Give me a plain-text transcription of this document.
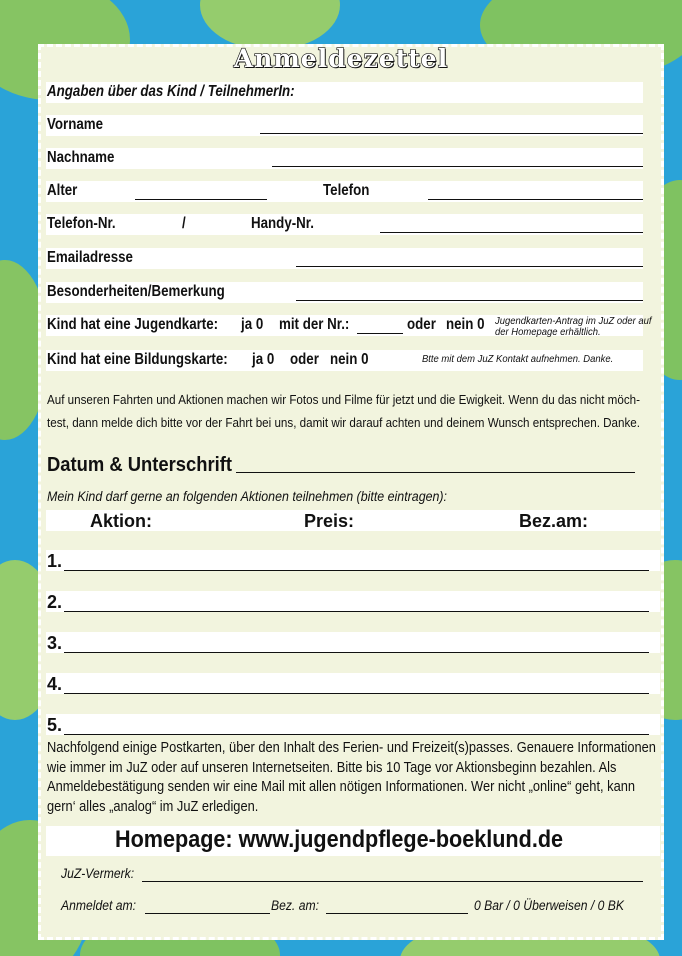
Anmeldezettel
Angaben über das Kind / TeilnehmerIn:
Vorname
Nachname
Alter	Telefon
Telefon-Nr.	/	Handy-Nr.
Emailadresse
Besonderheiten/Bemerkung
Kind hat eine Jugendkarte: ja 0 mit der Nr.:	oder nein 0 Jugendkarten-Antrag im JuZ oder auf der Homepage erhältlich.
Kind hat eine Bildungskarte: ja 0 oder nein 0	Btte mit dem JuZ Kontakt aufnehmen. Danke.
Auf unseren Fahrten und Aktionen machen wir Fotos und Filme für jetzt und die Ewigkeit. Wenn du das nicht möch-test, dann melde dich bitte vor der Fahrt bei uns, damit wir darauf achten und deinem Wunsch entsprechen. Danke.
Datum & Unterschrift
Mein Kind darf gerne an folgenden Aktionen teilnehmen (bitte eintragen):
Aktion:	Preis:	Bez.am:
1.
2.
3.
4.
5.
Nachfolgend einige Postkarten, über den Inhalt des Ferien- und Freizeit(s)passes. Genauere Informationen wie immer im JuZ oder auf unseren Internetseiten. Bitte bis 10 Tage vor Aktionsbeginn bezahlen. Als Anmeldebestätigung senden wir eine Mail mit allen nötigen Informationen. Wer nicht „online“ geht, kann gern‘ alles „analog“ im JuZ erledigen.
Homepage: www.jugendpflege-boeklund.de
JuZ-Vermerk:
Anmeldet am:	Bez. am:	0 Bar / 0 Überweisen / 0 BK
